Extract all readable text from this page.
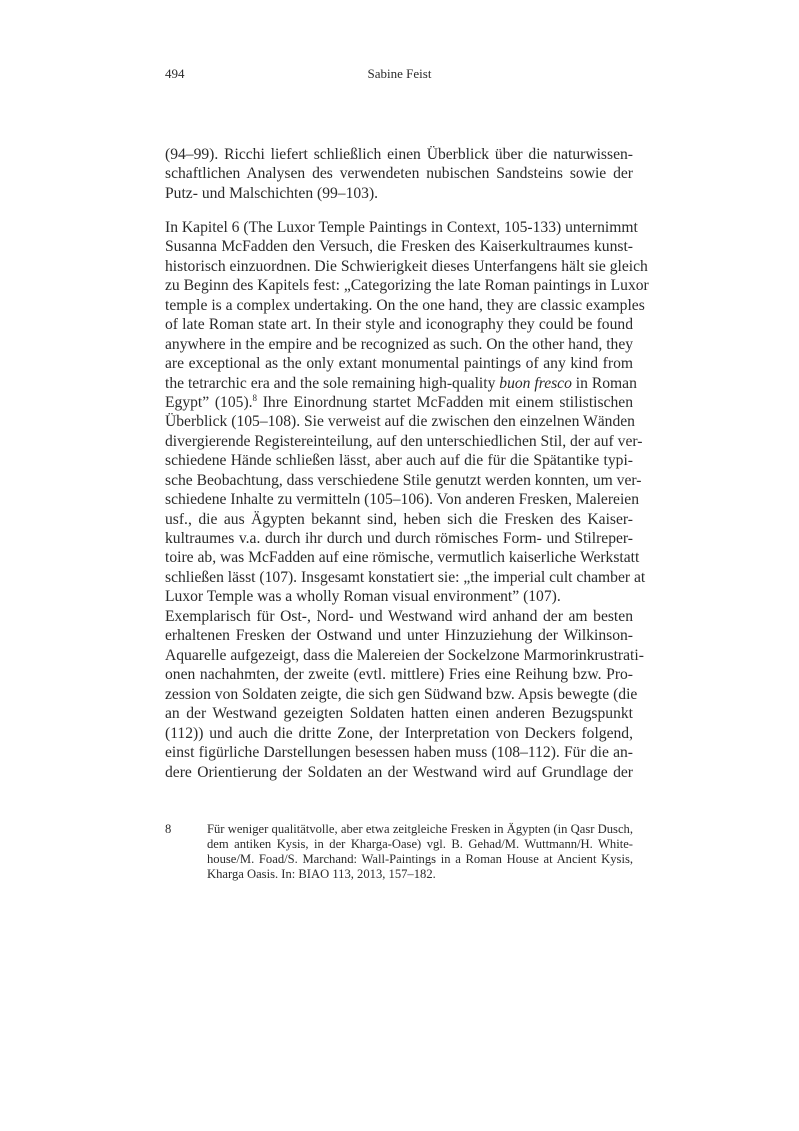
494	Sabine Feist
(94–99). Ricchi liefert schließlich einen Überblick über die naturwissen-
schaftlichen Analysen des verwendeten nubischen Sandsteins sowie der
Putz- und Malschichten (99–103).
In Kapitel 6 (The Luxor Temple Paintings in Context, 105-133) unternimmt
Susanna McFadden den Versuch, die Fresken des Kaiserkultraumes kunst-
historisch einzuordnen. Die Schwierigkeit dieses Unterfangens hält sie gleich
zu Beginn des Kapitels fest: „Categorizing the late Roman paintings in Luxor
temple is a complex undertaking. On the one hand, they are classic examples
of late Roman state art. In their style and iconography they could be found
anywhere in the empire and be recognized as such. On the other hand, they
are exceptional as the only extant monumental paintings of any kind from
the tetrarchic era and the sole remaining high-quality buon fresco in Roman
Egypt” (105).$^8$ Ihre Einordnung startet McFadden mit einem stilistischen
Überblick (105–108). Sie verweist auf die zwischen den einzelnen Wänden
divergierende Registereinteilung, auf den unterschiedlichen Stil, der auf ver-
schiedene Hände schließen lässt, aber auch auf die für die Spätantike typi-
sche Beobachtung, dass verschiedene Stile genutzt werden konnten, um ver-
schiedene Inhalte zu vermitteln (105–106). Von anderen Fresken, Malereien
usf., die aus Ägypten bekannt sind, heben sich die Fresken des Kaiser-
kultraumes v.a. durch ihr durch und durch römisches Form- und Stilreper-
toire ab, was McFadden auf eine römische, vermutlich kaiserliche Werkstatt
schließen lässt (107). Insgesamt konstatiert sie: „the imperial cult chamber at
Luxor Temple was a wholly Roman visual environment” (107).
Exemplarisch für Ost-, Nord- und Westwand wird anhand der am besten
erhaltenen Fresken der Ostwand und unter Hinzuziehung der Wilkinson-
Aquarelle aufgezeigt, dass die Malereien der Sockelzone Marmorinkrustrati-
onen nachahmten, der zweite (evtl. mittlere) Fries eine Reihung bzw. Pro-
zession von Soldaten zeigte, die sich gen Südwand bzw. Apsis bewegte (die
an der Westwand gezeigten Soldaten hatten einen anderen Bezugspunkt
(112)) und auch die dritte Zone, der Interpretation von Deckers folgend,
einst figürliche Darstellungen besessen haben muss (108–112). Für die an-
dere Orientierung der Soldaten an der Westwand wird auf Grundlage der
8	Für weniger qualitätvolle, aber etwa zeitgleiche Fresken in Ägypten (in Qasr Dusch,
dem antiken Kysis, in der Kharga-Oase) vgl. B. Gehad/M. Wuttmann/H. White-
house/M. Foad/S. Marchand: Wall-Paintings in a Roman House at Ancient Kysis,
Kharga Oasis. In: BIAO 113, 2013, 157–182.
